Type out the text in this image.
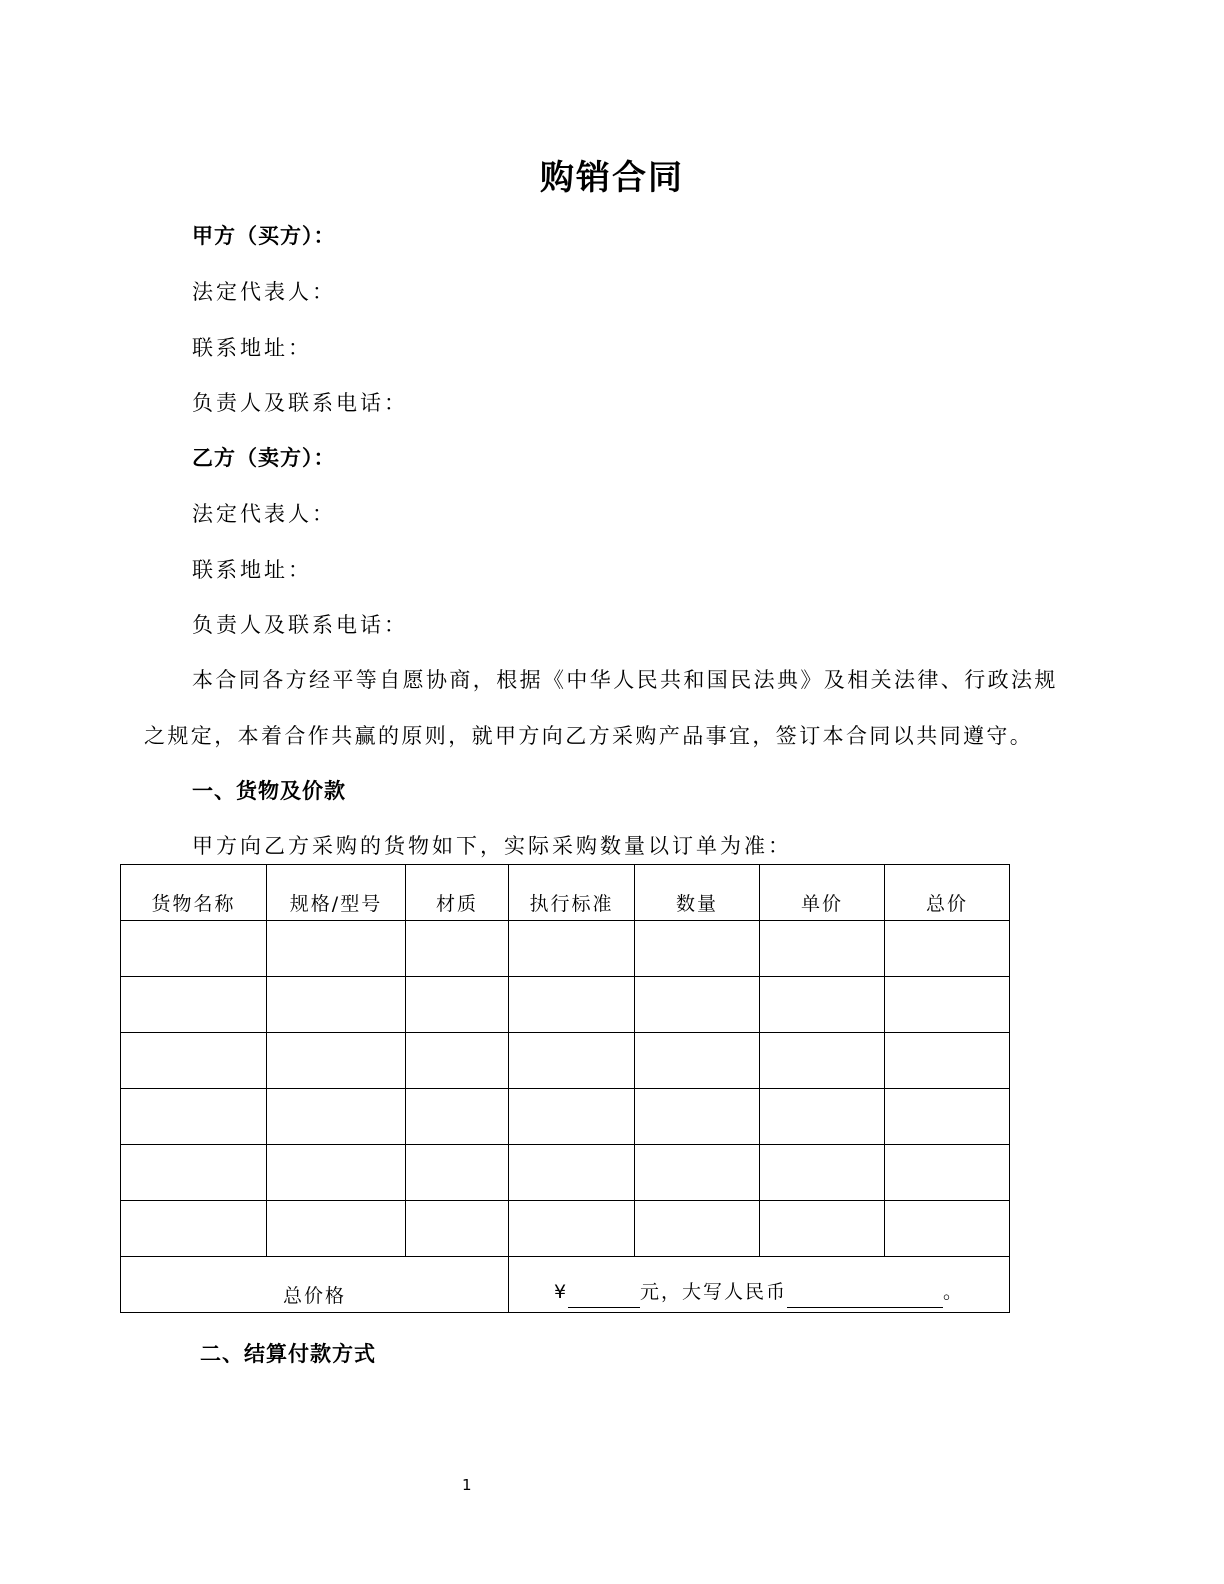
购销合同
甲方（买方）：
法定代表人：
联系地址：
负责人及联系电话：
乙方（卖方）：
法定代表人：
联系地址：
负责人及联系电话：
本合同各方经平等自愿协商，根据《中华人民共和国民法典》及相关法律、行政法规
之规定，本着合作共赢的原则，就甲方向乙方采购产品事宜，签订本合同以共同遵守。
一、货物及价款
甲方向乙方采购的货物如下，实际采购数量以订单为准：
货物名称	规格/型号	材质	执行标准	数量	单价	总价

总价格			¥ 元，大写人民币 。			
二、结算付款方式
1
